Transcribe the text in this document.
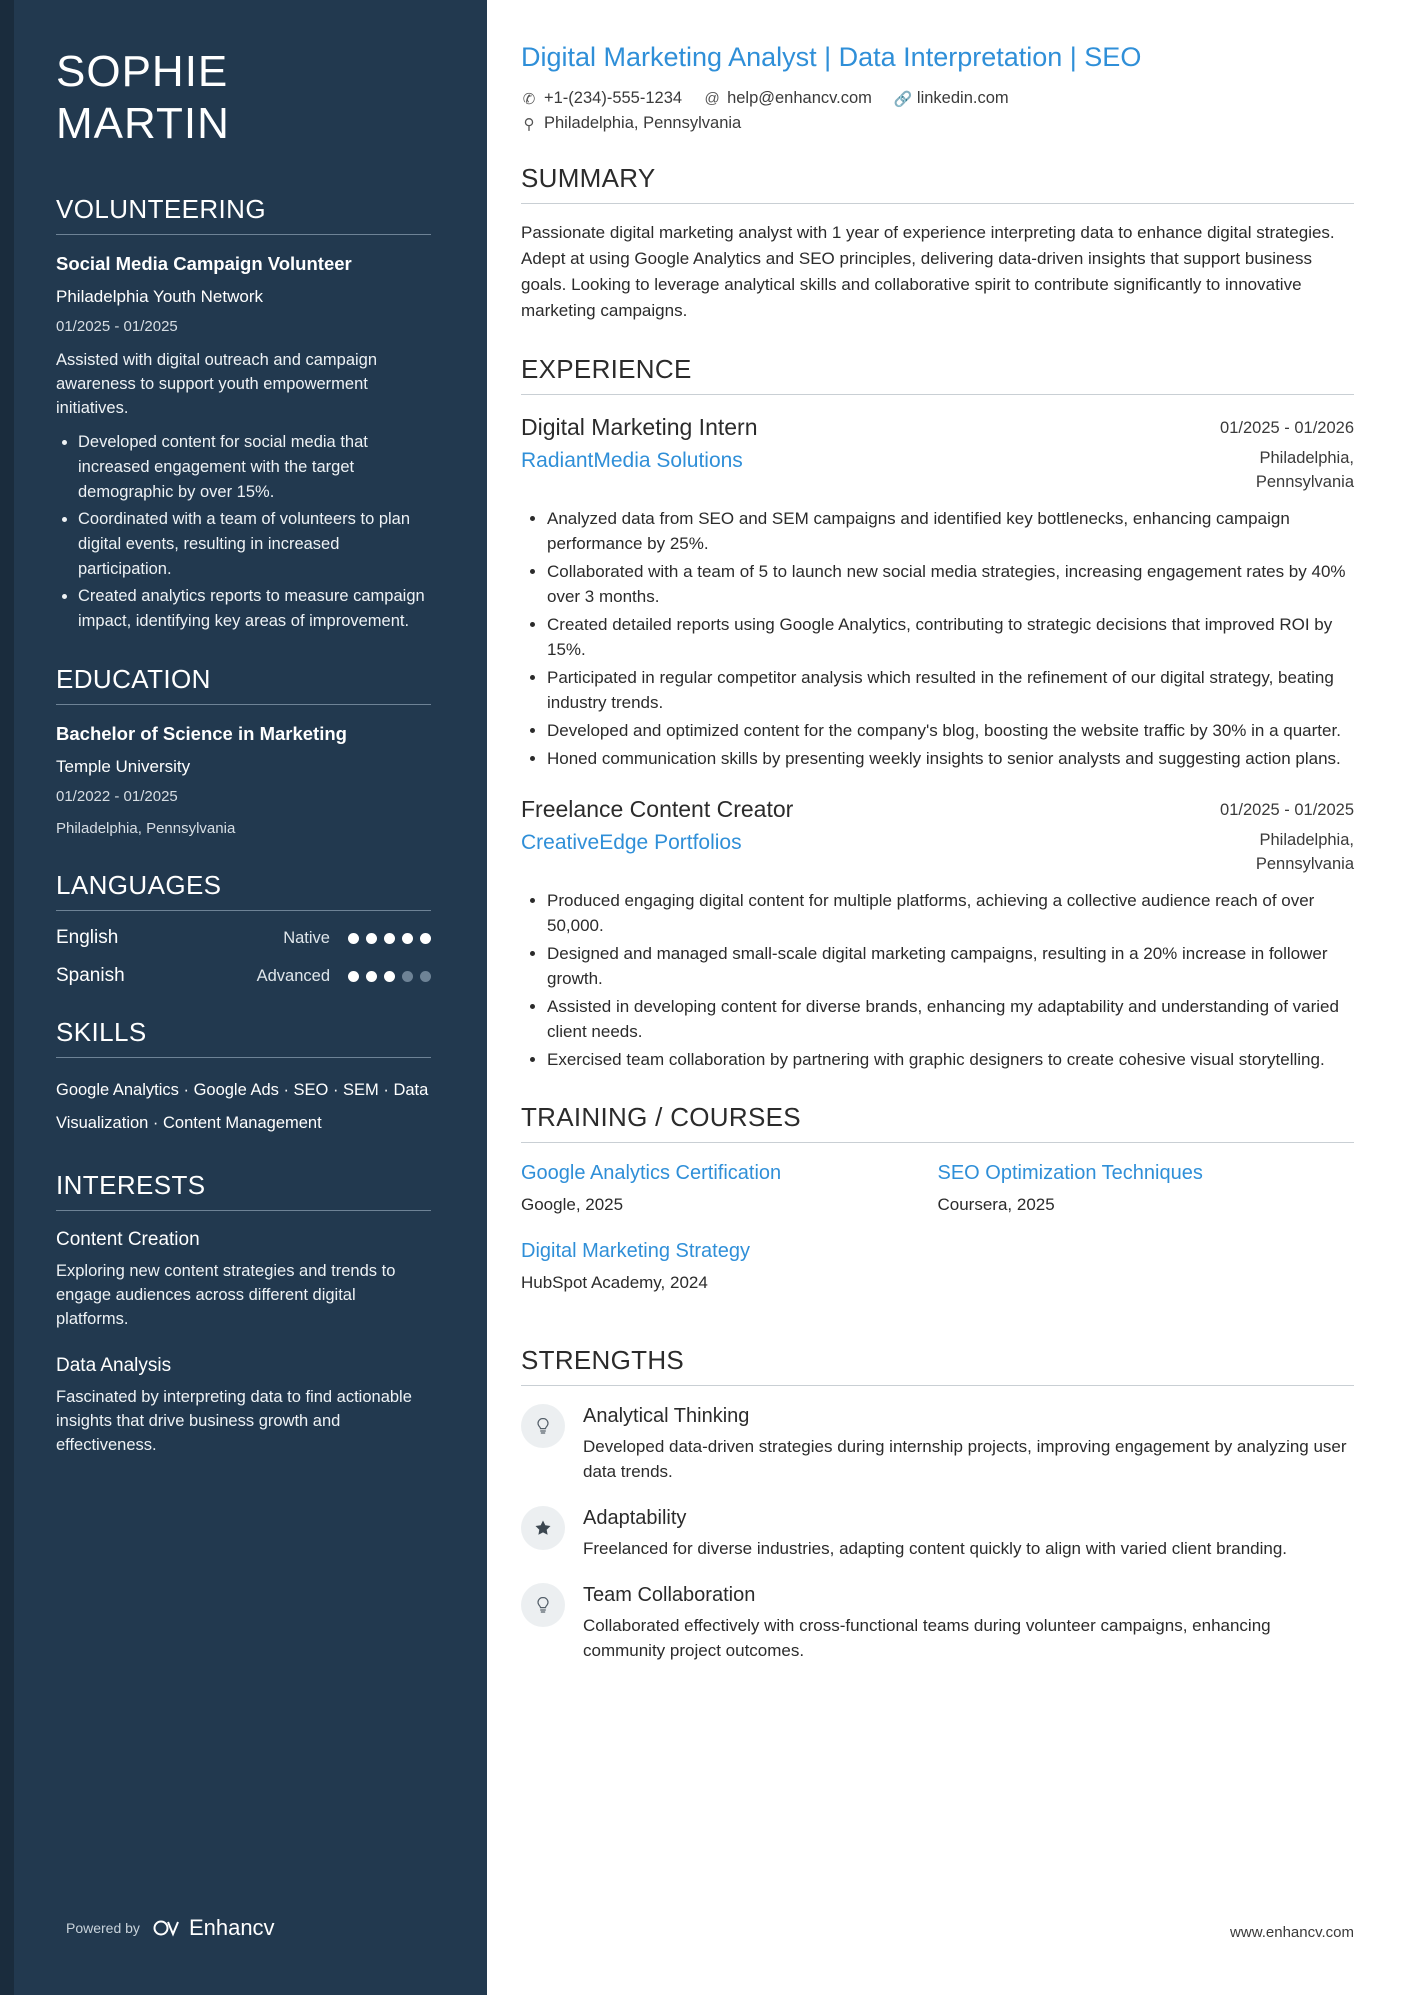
SOPHIE
MARTIN
VOLUNTEERING
Social Media Campaign Volunteer
Philadelphia Youth Network
01/2025 - 01/2025
Assisted with digital outreach and campaign awareness to support youth empowerment initiatives.
• Developed content for social media that increased engagement with the target demographic by over 15%.
• Coordinated with a team of volunteers to plan digital events, resulting in increased participation.
• Created analytics reports to measure campaign impact, identifying key areas of improvement.
EDUCATION
Bachelor of Science in Marketing
Temple University
01/2022 - 01/2025
Philadelphia, Pennsylvania
LANGUAGES
English	Native
Spanish	Advanced
SKILLS
Google Analytics · Google Ads · SEO · SEM · Data Visualization · Content Management
INTERESTS
Content Creation
Exploring new content strategies and trends to engage audiences across different digital platforms.
Data Analysis
Fascinated by interpreting data to find actionable insights that drive business growth and effectiveness.
Powered by Enhancv
Digital Marketing Analyst | Data Interpretation | SEO
✆ +1-(234)-555-1234 @ help@enhancv.com 🔗 linkedin.com
⚲ Philadelphia, Pennsylvania
SUMMARY

Passionate digital marketing analyst with 1 year of experience interpreting data to enhance digital strategies. Adept at using Google Analytics and SEO principles, delivering data-driven insights that support business goals. Looking to leverage analytical skills and collaborative spirit to contribute significantly to innovative marketing campaigns.

EXPERIENCE
Digital Marketing Intern	01/2025 - 01/2026
RadiantMedia Solutions	Philadelphia, Pennsylvania
• Analyzed data from SEO and SEM campaigns and identified key bottlenecks, enhancing campaign performance by 25%.
• Collaborated with a team of 5 to launch new social media strategies, increasing engagement rates by 40% over 3 months.
• Created detailed reports using Google Analytics, contributing to strategic decisions that improved ROI by 15%.
• Participated in regular competitor analysis which resulted in the refinement of our digital strategy, beating industry trends.
• Developed and optimized content for the company's blog, boosting the website traffic by 30% in a quarter.
• Honed communication skills by presenting weekly insights to senior analysts and suggesting action plans.
Freelance Content Creator	01/2025 - 01/2025
CreativeEdge Portfolios	Philadelphia, Pennsylvania
• Produced engaging digital content for multiple platforms, achieving a collective audience reach of over 50,000.
• Designed and managed small-scale digital marketing campaigns, resulting in a 20% increase in follower growth.
• Assisted in developing content for diverse brands, enhancing my adaptability and understanding of varied client needs.
• Exercised team collaboration by partnering with graphic designers to create cohesive visual storytelling.
TRAINING / COURSES
Google Analytics Certification
Google, 2025
SEO Optimization Techniques
Coursera, 2025
Digital Marketing Strategy
HubSpot Academy, 2024
STRENGTHS
Analytical Thinking
Developed data-driven strategies during internship projects, improving engagement by analyzing user data trends.
Adaptability
Freelanced for diverse industries, adapting content quickly to align with varied client branding.
Team Collaboration
Collaborated effectively with cross-functional teams during volunteer campaigns, enhancing community project outcomes.
www.enhancv.com
